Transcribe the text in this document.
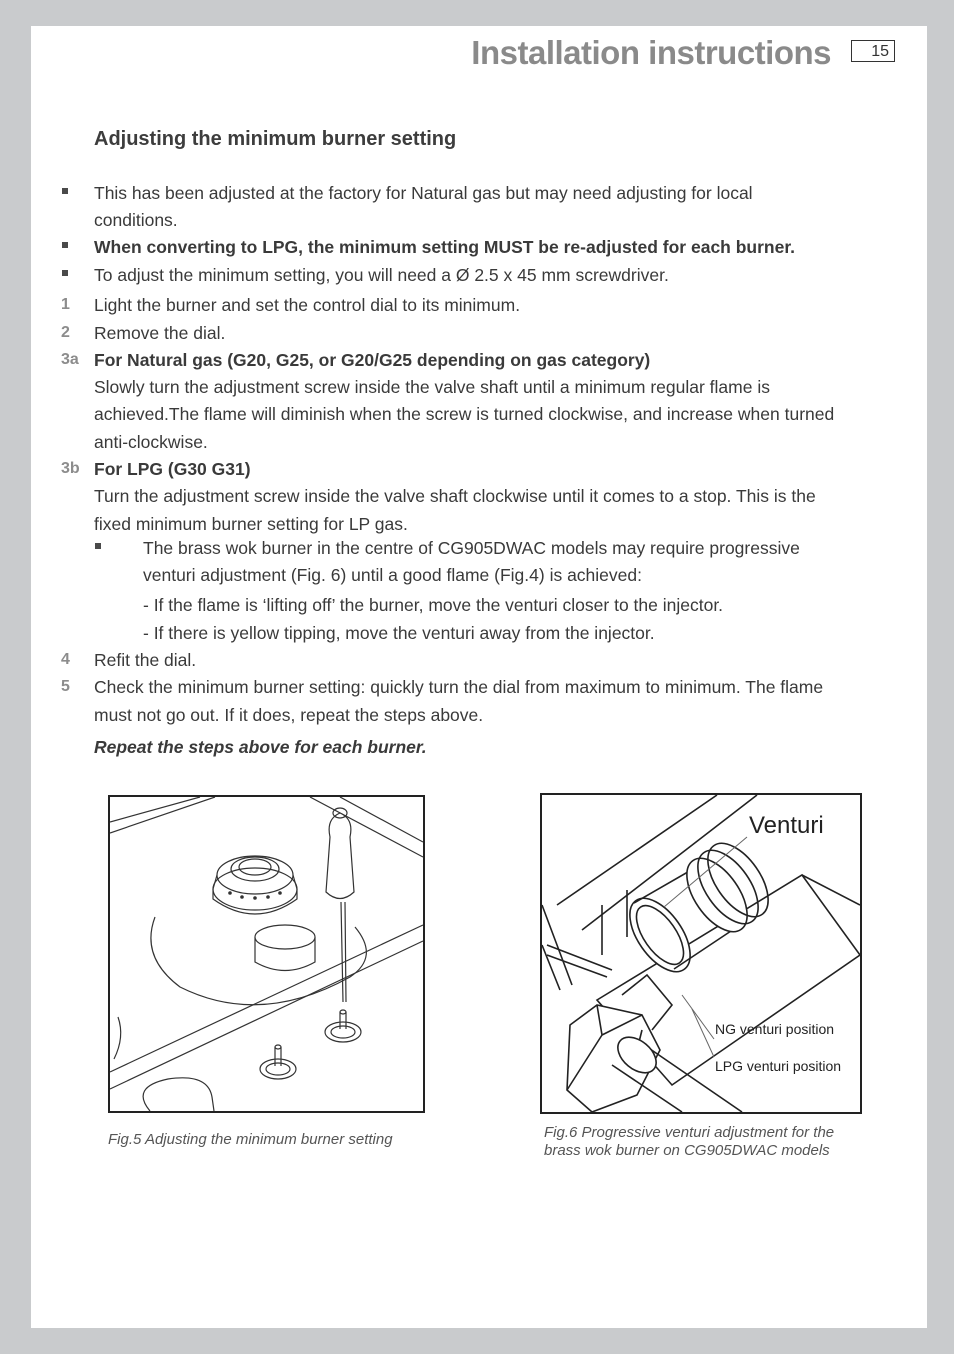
Installation instructions	15
Adjusting the minimum burner setting
This has been adjusted at the factory for Natural gas but may need adjusting for local
conditions.
When converting to LPG, the minimum setting MUST be re-adjusted for each burner.
To adjust the minimum setting, you will need a Ø 2.5 x 45 mm screwdriver.
1	Light the burner and set the control dial to its minimum.
2	Remove the dial.
3a For Natural gas (G20, G25, or G20/G25 depending on gas category)
Slowly turn the adjustment screw inside the valve shaft until a minimum regular flame is
achieved.The flame will diminish when the screw is turned clockwise, and increase when turned
anti-clockwise.
3b For LPG (G30 G31)
Turn the adjustment screw inside the valve shaft clockwise until it comes to a stop. This is the
fixed minimum burner setting for LP gas.
The brass wok burner in the centre of CG905DWAC models may require progressive
venturi adjustment (Fig. 6) until a good flame (Fig.4) is achieved:
- If the flame is ‘lifting off’ the burner, move the venturi closer to the injector.
- If there is yellow tipping, move the venturi away from the injector.
4	Refit the dial.
5	Check the minimum burner setting: quickly turn the dial from maximum to minimum. The flame
must not go out. If it does, repeat the steps above.
Repeat the steps above for each burner.
Fig.5 Adjusting the minimum burner setting
Venturi
NG venturi position
LPG venturi position
Fig.6 Progressive venturi adjustment for the
brass wok burner on CG905DWAC models
